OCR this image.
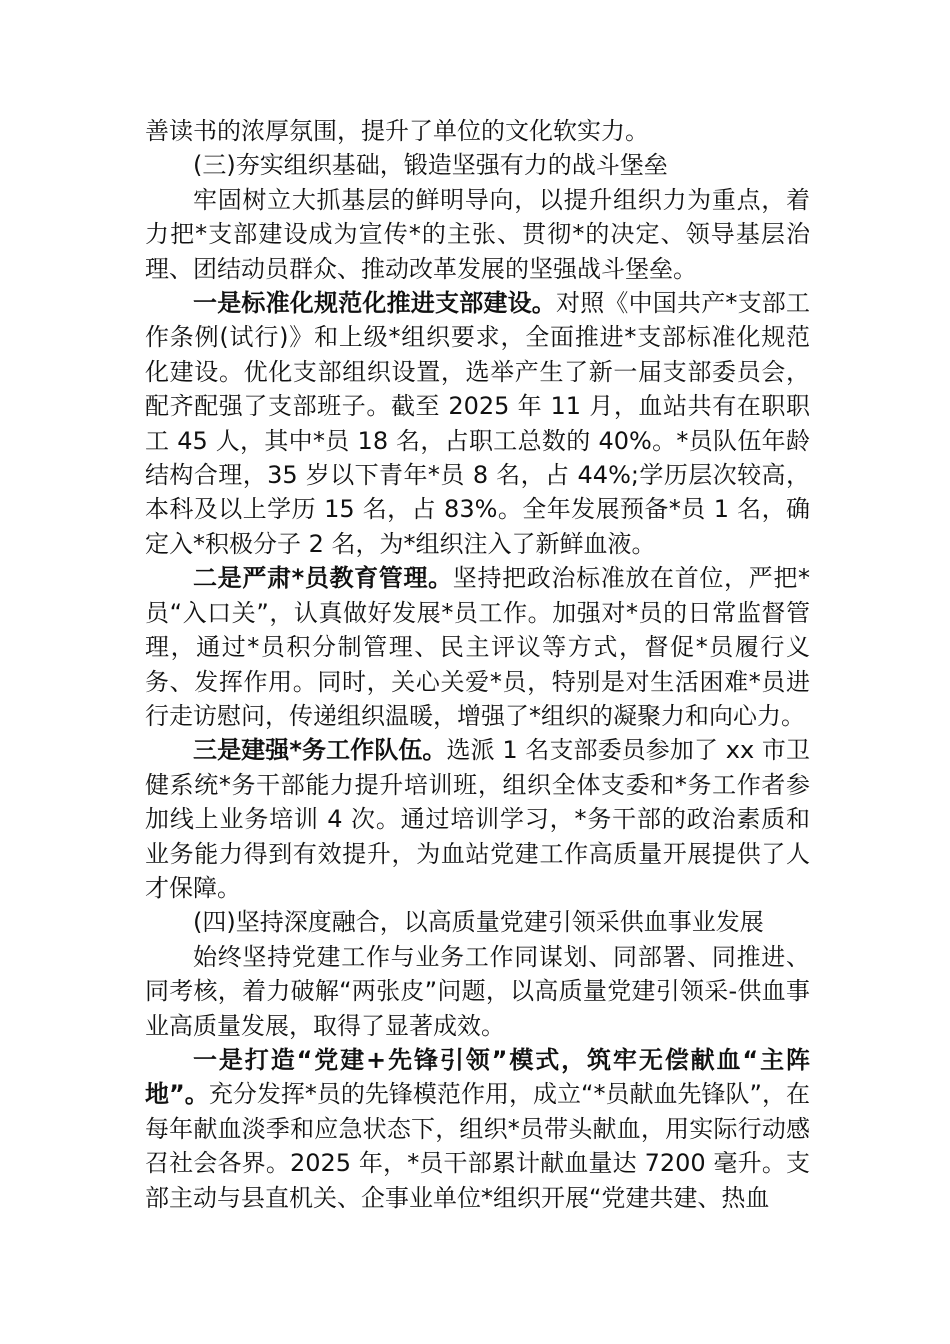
善读书的浓厚氛围，提升了单位的文化软实力。

(三)夯实组织基础，锻造坚强有力的战斗堡垒

牢固树立大抓基层的鲜明导向，以提升组织力为重点，着力把*支部建设成为宣传*的主张、贯彻*的决定、领导基层治理、团结动员群众、推动改革发展的坚强战斗堡垒。

一是标准化规范化推进支部建设。对照《中国共产*支部工作条例(试行)》和上级*组织要求，全面推进*支部标准化规范化建设。优化支部组织设置，选举产生了新一届支部委员会，配齐配强了支部班子。截至 2025 年 11 月，血站共有在职职工 45 人，其中*员 18 名，占职工总数的 40%。*员队伍年龄结构合理，35 岁以下青年*员 8 名，占 44%;学历层次较高，本科及以上学历 15 名，占 83%。全年发展预备*员 1 名，确定入*积极分子 2 名，为*组织注入了新鲜血液。

二是严肃*员教育管理。坚持把政治标准放在首位，严把*员“入口关”，认真做好发展*员工作。加强对*员的日常监督管理，通过*员积分制管理、民主评议等方式，督促*员履行义务、发挥作用。同时，关心关爱*员，特别是对生活困难*员进行走访慰问，传递组织温暖，增强了*组织的凝聚力和向心力。

三是建强*务工作队伍。选派 1 名支部委员参加了 xx 市卫健系统*务干部能力提升培训班，组织全体支委和*务工作者参加线上业务培训 4 次。通过培训学习，*务干部的政治素质和业务能力得到有效提升，为血站党建工作高质量开展提供了人才保障。

(四)坚持深度融合，以高质量党建引领采供血事业发展

始终坚持党建工作与业务工作同谋划、同部署、同推进、同考核，着力破解“两张皮”问题，以高质量党建引领采-供血事业高质量发展，取得了显著成效。

一是打造“党建+先锋引领”模式，筑牢无偿献血“主阵地”。充分发挥*员的先锋模范作用，成立“*员献血先锋队”，在每年献血淡季和应急状态下，组织*员带头献血，用实际行动感召社会各界。2025 年，*员干部累计献血量达 7200 毫升。支部主动与县直机关、企事业单位*组织开展“党建共建、热血
